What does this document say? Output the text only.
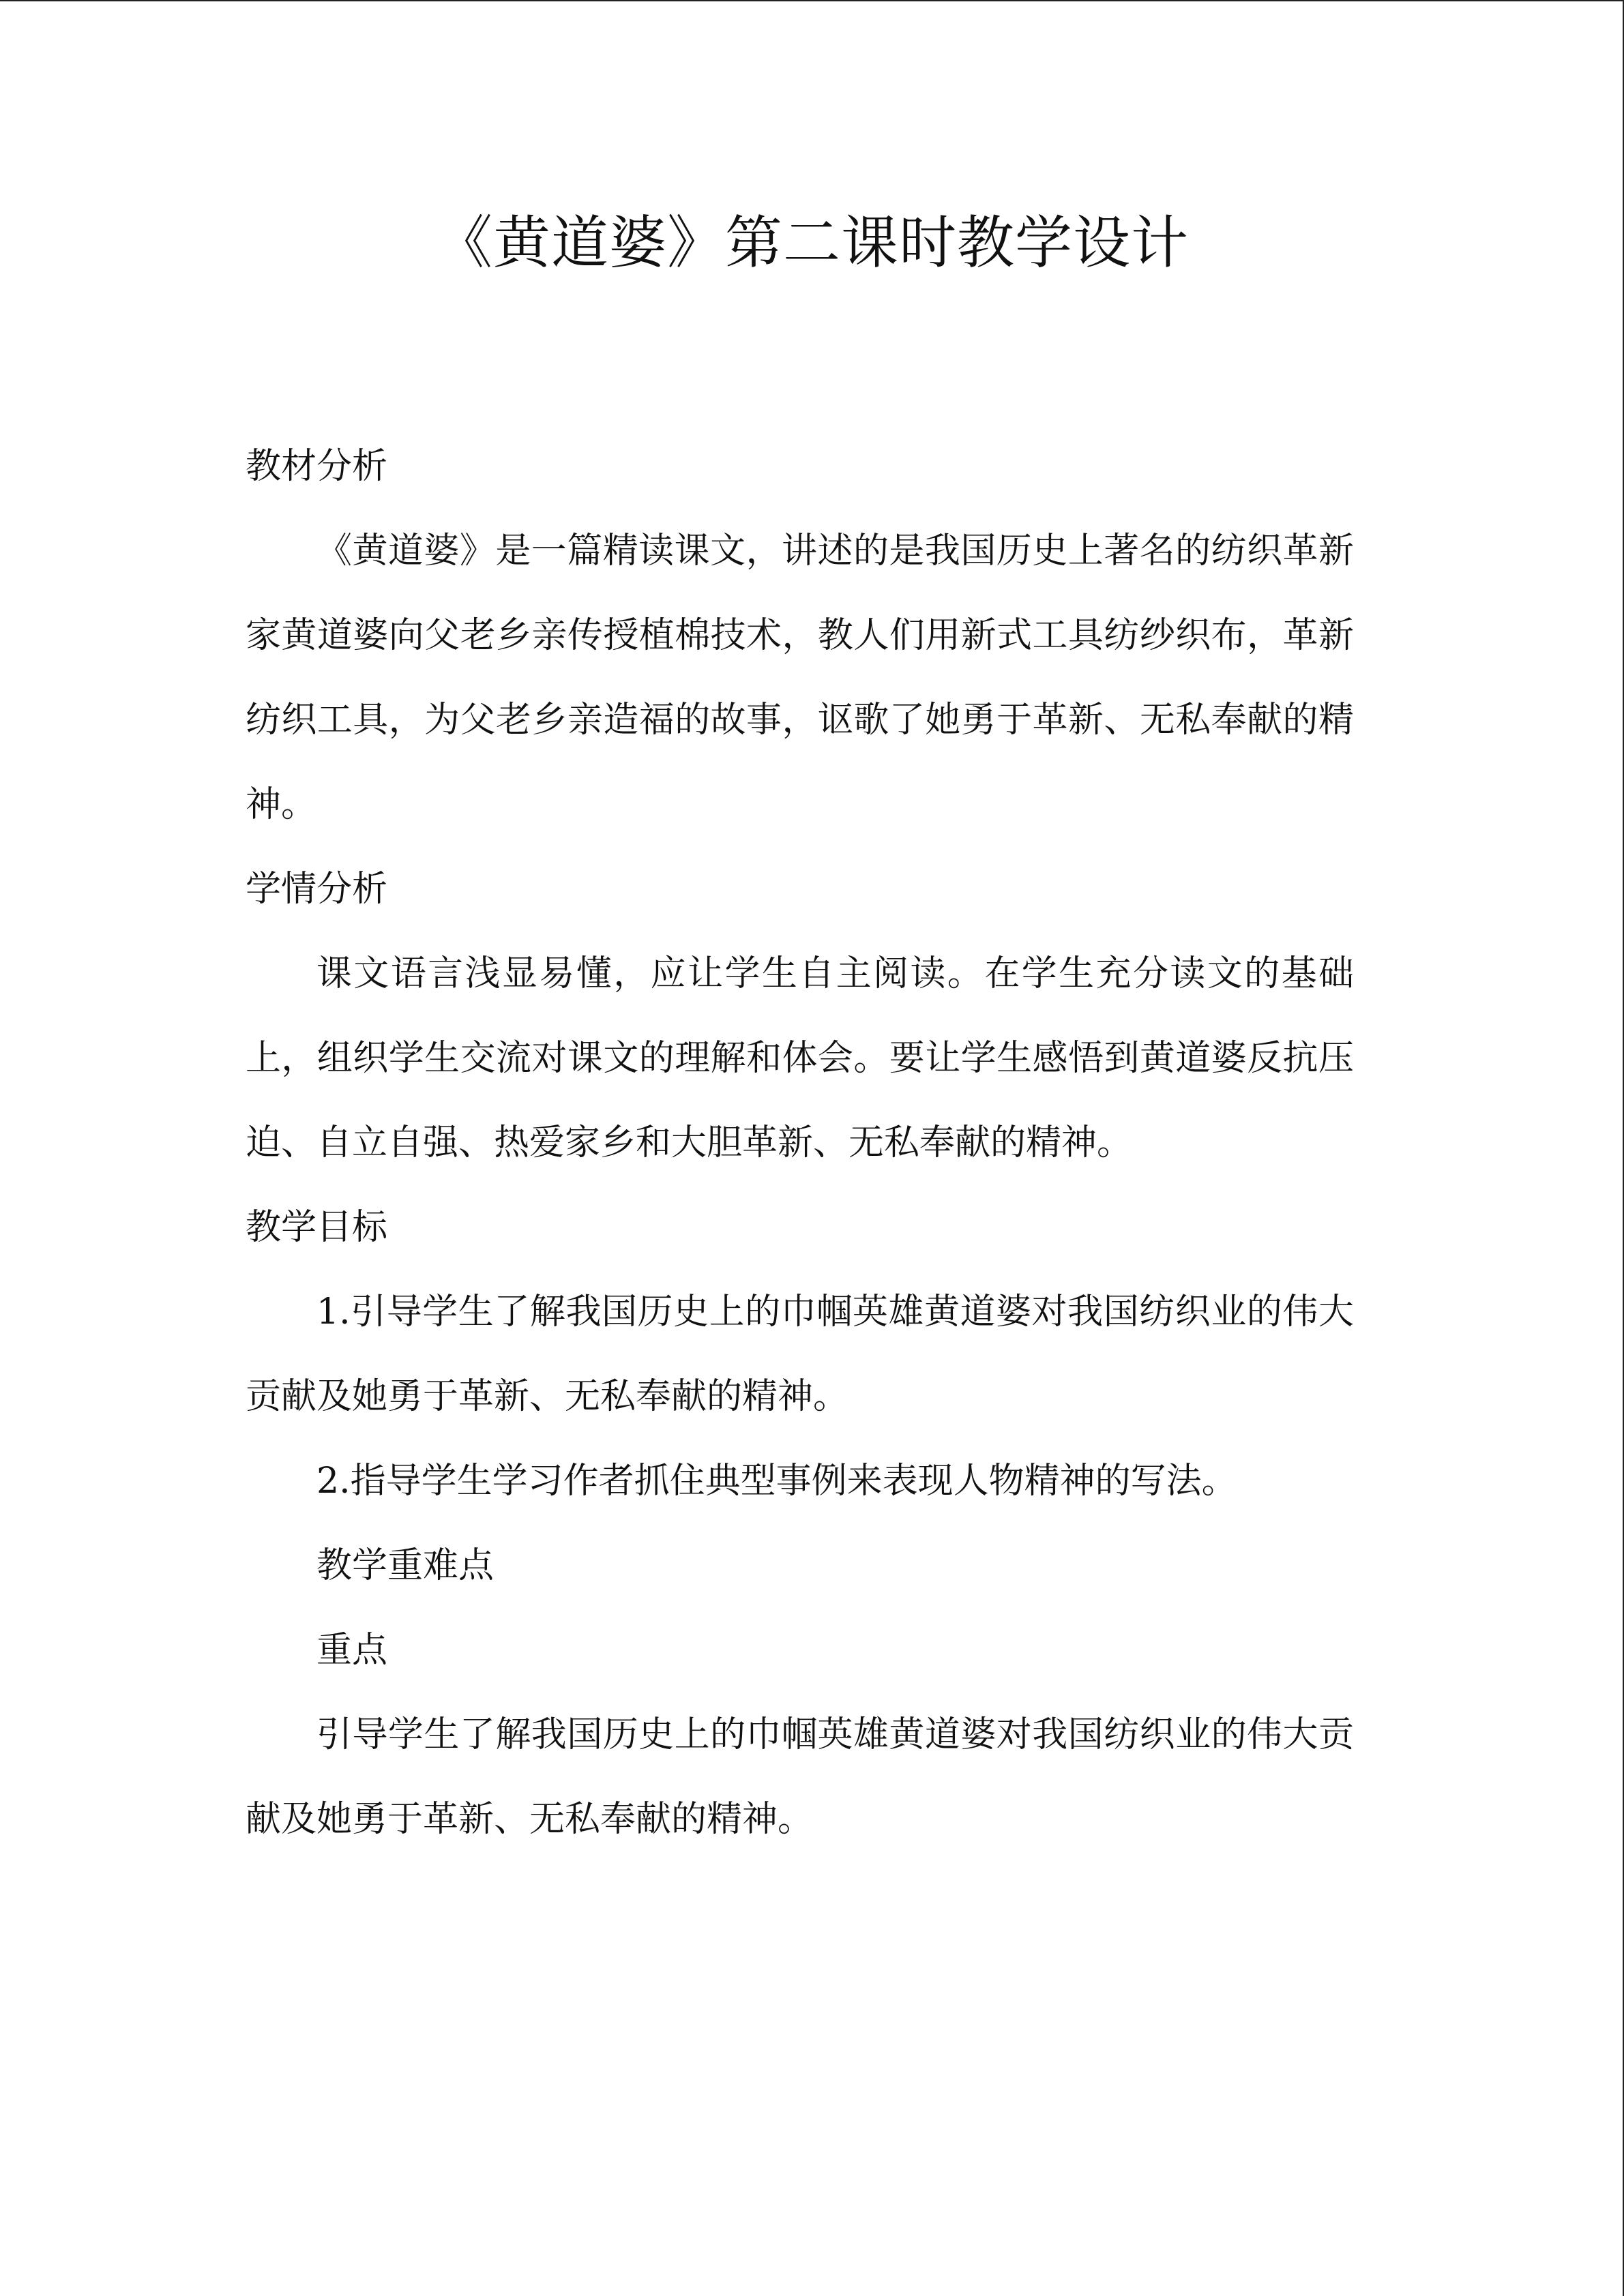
《黄道婆》第二课时教学设计

教材分析

《黄道婆》是一篇精读课文，讲述的是我国历史上著名的纺织革新家黄道婆向父老乡亲传授植棉技术，教人们用新式工具纺纱织布，革新纺织工具，为父老乡亲造福的故事，讴歌了她勇于革新、无私奉献的精神。

学情分析

课文语言浅显易懂，应让学生自主阅读。在学生充分读文的基础上，组织学生交流对课文的理解和体会。要让学生感悟到黄道婆反抗压迫、自立自强、热爱家乡和大胆革新、无私奉献的精神。

教学目标

1.引导学生了解我国历史上的巾帼英雄黄道婆对我国纺织业的伟大贡献及她勇于革新、无私奉献的精神。

2.指导学生学习作者抓住典型事例来表现人物精神的写法。

教学重难点

重点

引导学生了解我国历史上的巾帼英雄黄道婆对我国纺织业的伟大贡献及她勇于革新、无私奉献的精神。
